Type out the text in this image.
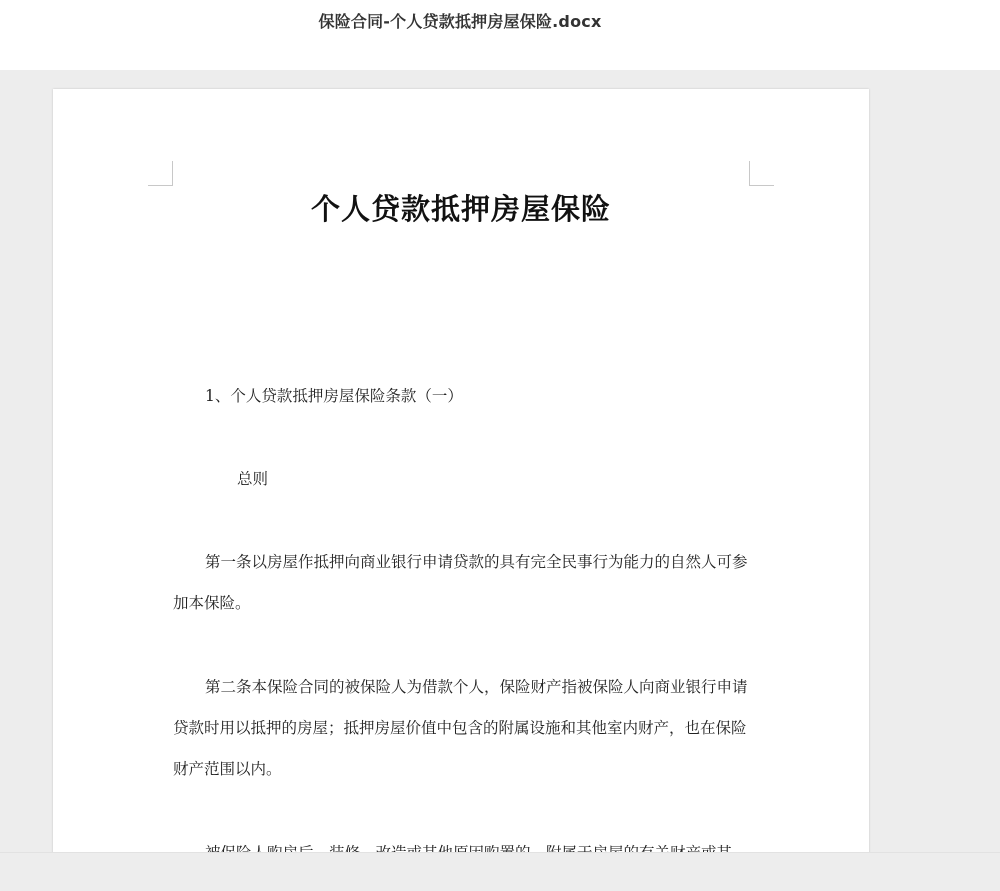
保险合同-个人贷款抵押房屋保险.docx
个人贷款抵押房屋保险

1、个人贷款抵押房屋保险条款（一）

总则

第一条以房屋作抵押向商业银行申请贷款的具有完全民事行为能力的自然人可参加本保险。

第二条本保险合同的被保险人为借款个人，保险财产指被保险人向商业银行申请贷款时用以抵押的房屋；抵押房屋价值中包含的附属设施和其他室内财产，也在保险财产范围以内。
